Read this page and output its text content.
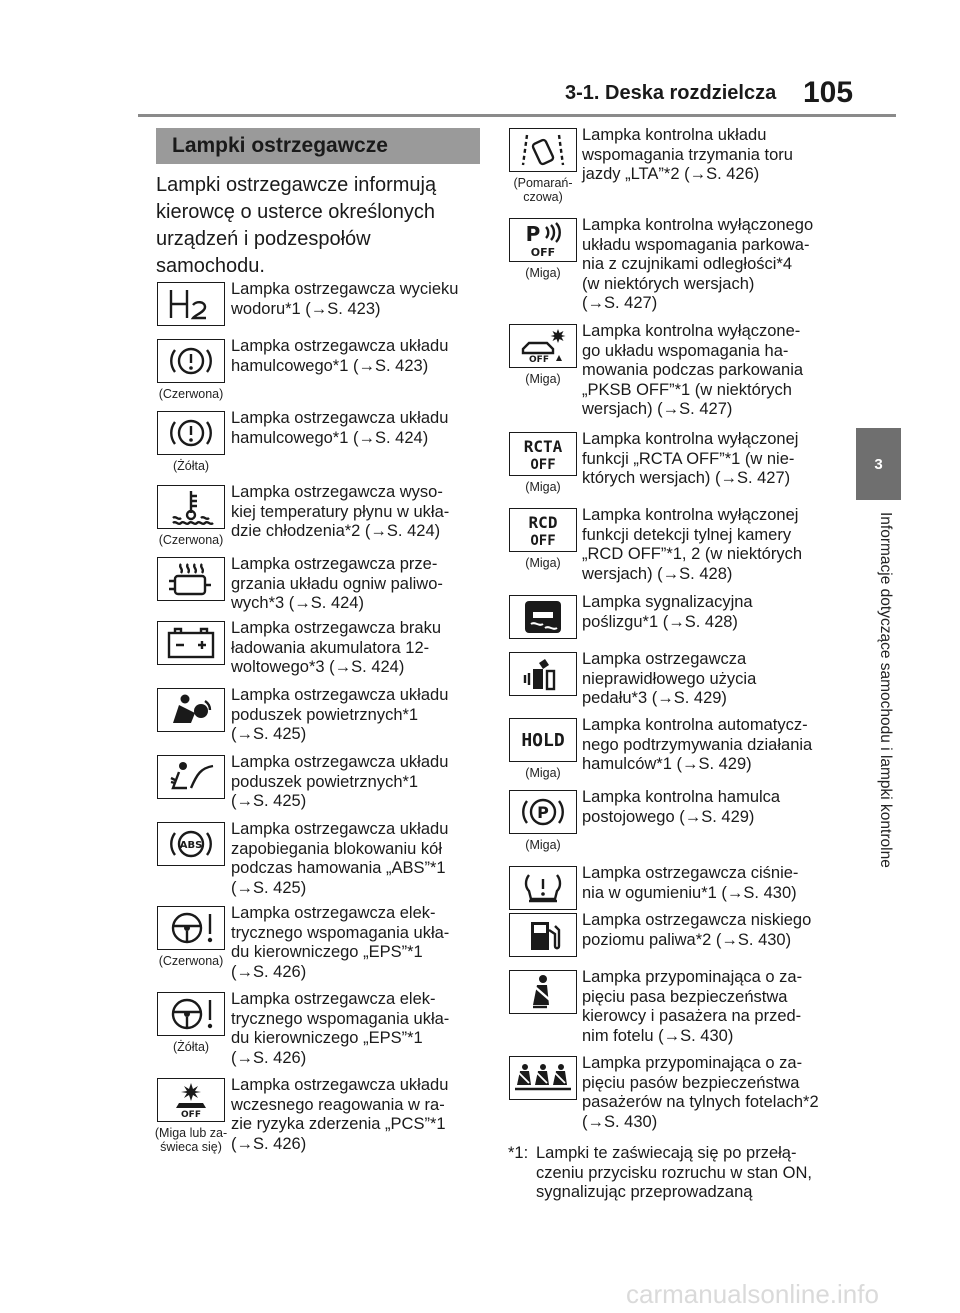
3-1. Deska rozdzielcza 105
3
Informacje dotyczące samochodu i lampki kontrolne
Lampki ostrzegawcze

Lampki ostrzegawcze informują kierowcę o usterce określonych urządzeń i podzespołów samochodu.

Lampka ostrzegawcza wycieku
wodoru*1 (→S. 423)

(Czerwona)

Lampka ostrzegawcza układu
hamulcowego*1 (→S. 423)

(Żółta)

Lampka ostrzegawcza układu
hamulcowego*1 (→S. 424)

(Czerwona)

Lampka ostrzegawcza wyso-
kiej temperatury płynu w ukła-
dzie chłodzenia*2 (→S. 424)

Lampka ostrzegawcza prze-
grzania układu ogniw paliwo-
wych*3 (→S. 424)

Lampka ostrzegawcza braku
ładowania akumulatora 12-
woltowego*3 (→S. 424)

Lampka ostrzegawcza układu
poduszek powietrznych*1
(→S. 425)

Lampka ostrzegawcza układu
poduszek powietrznych*1
(→S. 425)

ABS

Lampka ostrzegawcza układu
zapobiegania blokowaniu kół
podczas hamowania „ABS”*1
(→S. 425)

(Czerwona)

Lampka ostrzegawcza elek-
trycznego wspomagania ukła-
du kierowniczego „EPS”*1
(→S. 426)

(Żółta)

Lampka ostrzegawcza elek-
trycznego wspomagania ukła-
du kierowniczego „EPS”*1
(→S. 426)

OFF
(Miga lub za-świeca się)

Lampka ostrzegawcza układu
wczesnego reagowania w ra-
zie ryzyka zderzenia „PCS”*1
(→S. 426)

(Pomarań-czowa)

Lampka kontrolna układu
wspomagania trzymania toru
jazdy „LTA”*2 (→S. 426)

P
OFF
(Miga)

Lampka kontrolna wyłączonego
układu wspomagania parkowa-
nia z czujnikami odległości*4
(w niektórych wersjach)
(→S. 427)

OFF
(Miga)

Lampka kontrolna wyłączone-
go układu wspomagania ha-
mowania podczas parkowania
„PKSB OFF”*1 (w niektórych
wersjach) (→S. 427)

RCTA
OFF
(Miga)

Lampka kontrolna wyłączonej
funkcji „RCTA OFF”*1 (w nie-
których wersjach) (→S. 427)

RCD
OFF
(Miga)

Lampka kontrolna wyłączonej
funkcji detekcji tylnej kamery
„RCD OFF”*1, 2 (w niektórych
wersjach) (→S. 428)

Lampka sygnalizacyjna
poślizgu*1 (→S. 428)

Lampka ostrzegawcza
nieprawidłowego użycia
pedału*3 (→S. 429)

HOLD
(Miga)

Lampka kontrolna automatycz-
nego podtrzymywania działania
hamulców*1 (→S. 429)

P
(Miga)

Lampka kontrolna hamulca
postojowego (→S. 429)

Lampka ostrzegawcza ciśnie-
nia w ogumieniu*1 (→S. 430)

Lampka ostrzegawcza niskiego
poziomu paliwa*2 (→S. 430)

Lampka przypominająca o za-
pięciu pasa bezpieczeństwa
kierowcy i pasażera na przed-
nim fotelu (→S. 430)

Lampka przypominająca o za-
pięciu pasów bezpieczeństwa
pasażerów na tylnych fotelach*2
(→S. 430)

*1: Lampki te zaświecają się po przełą-czeniu przycisku rozruchu w stan ON, sygnalizując przeprowadzaną
carmanualsonline.info
